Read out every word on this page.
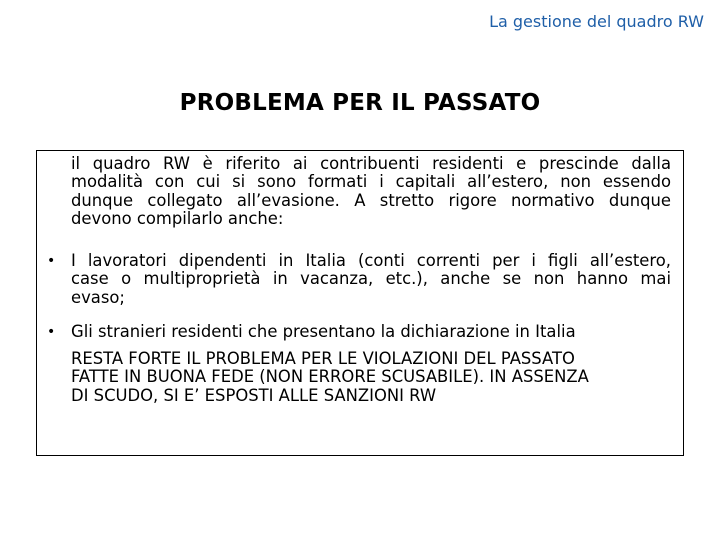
La gestione del quadro RW
PROBLEMA PER IL PASSATO
il quadro RW è riferito ai contribuenti residenti e prescinde dalla
modalità con cui si sono formati i capitali all’estero, non essendo
dunque collegato all’evasione. A stretto rigore normativo dunque
devono compilarlo anche:
• I lavoratori dipendenti in Italia (conti correnti per i figli all’estero,
case o multiproprietà in vacanza, etc.), anche se non hanno mai
evaso;
• Gli stranieri residenti che presentano la dichiarazione in Italia
RESTA FORTE IL PROBLEMA PER LE VIOLAZIONI DEL PASSATO
FATTE IN BUONA FEDE (NON ERRORE SCUSABILE). IN ASSENZA
DI SCUDO, SI E’ ESPOSTI ALLE SANZIONI RW
